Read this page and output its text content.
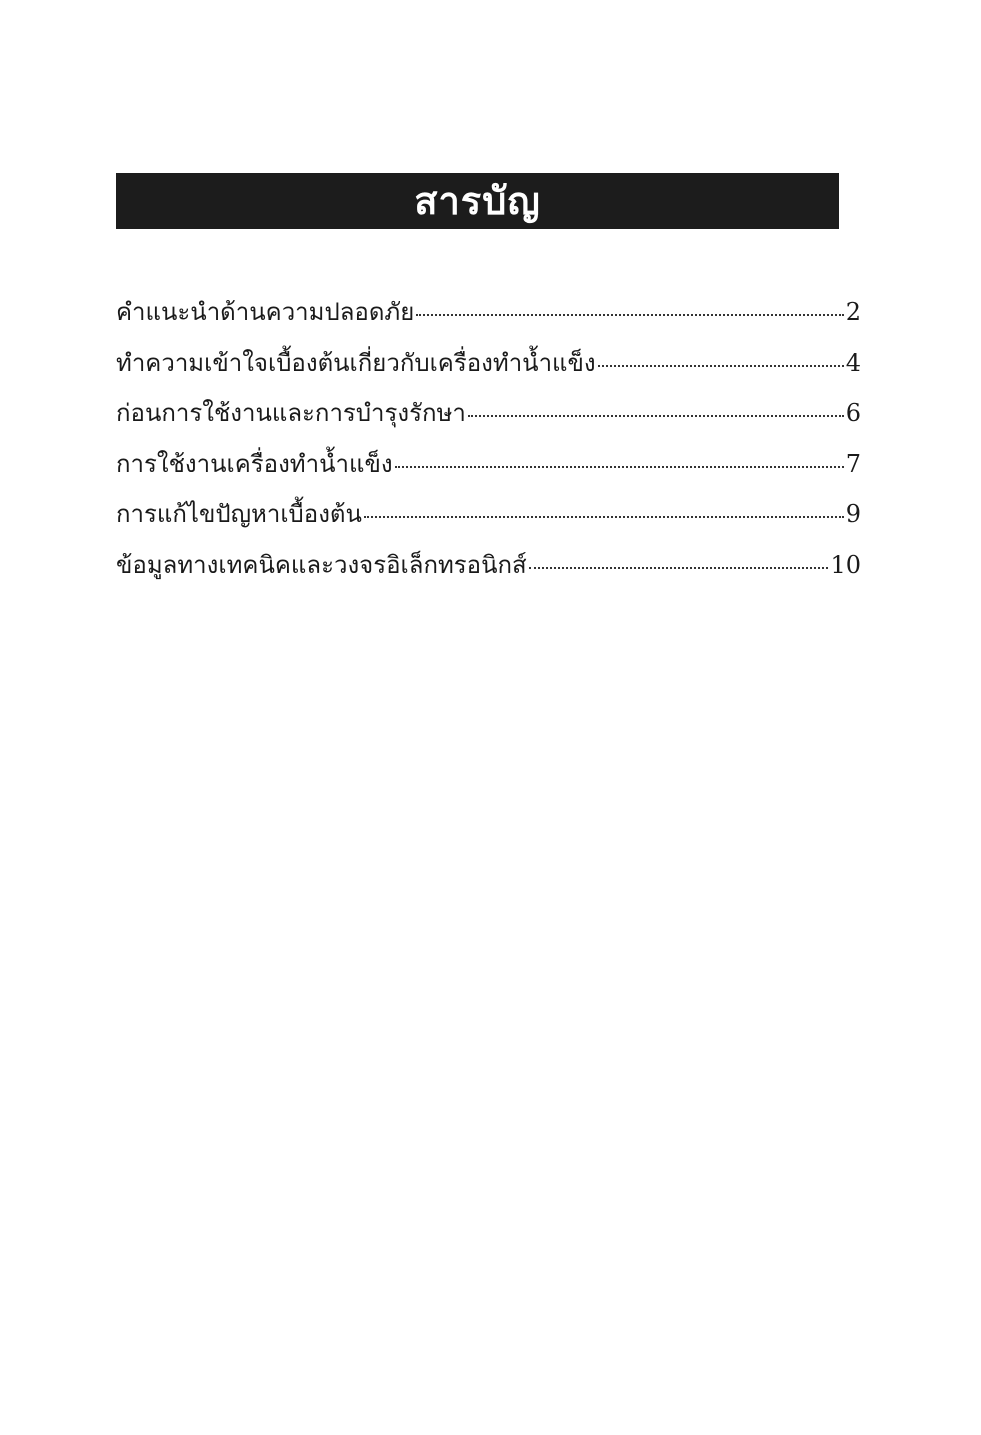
สารบัญ
คำแนะนำด้านความปลอดภัย	2
ทำความเข้าใจเบื้องต้นเกี่ยวกับเครื่องทำน้ำแข็ง	4
ก่อนการใช้งานและการบำรุงรักษา	6
การใช้งานเครื่องทำน้ำแข็ง	7
การแก้ไขปัญหาเบื้องต้น	9
ข้อมูลทางเทคนิคและวงจรอิเล็กทรอนิกส์	10
